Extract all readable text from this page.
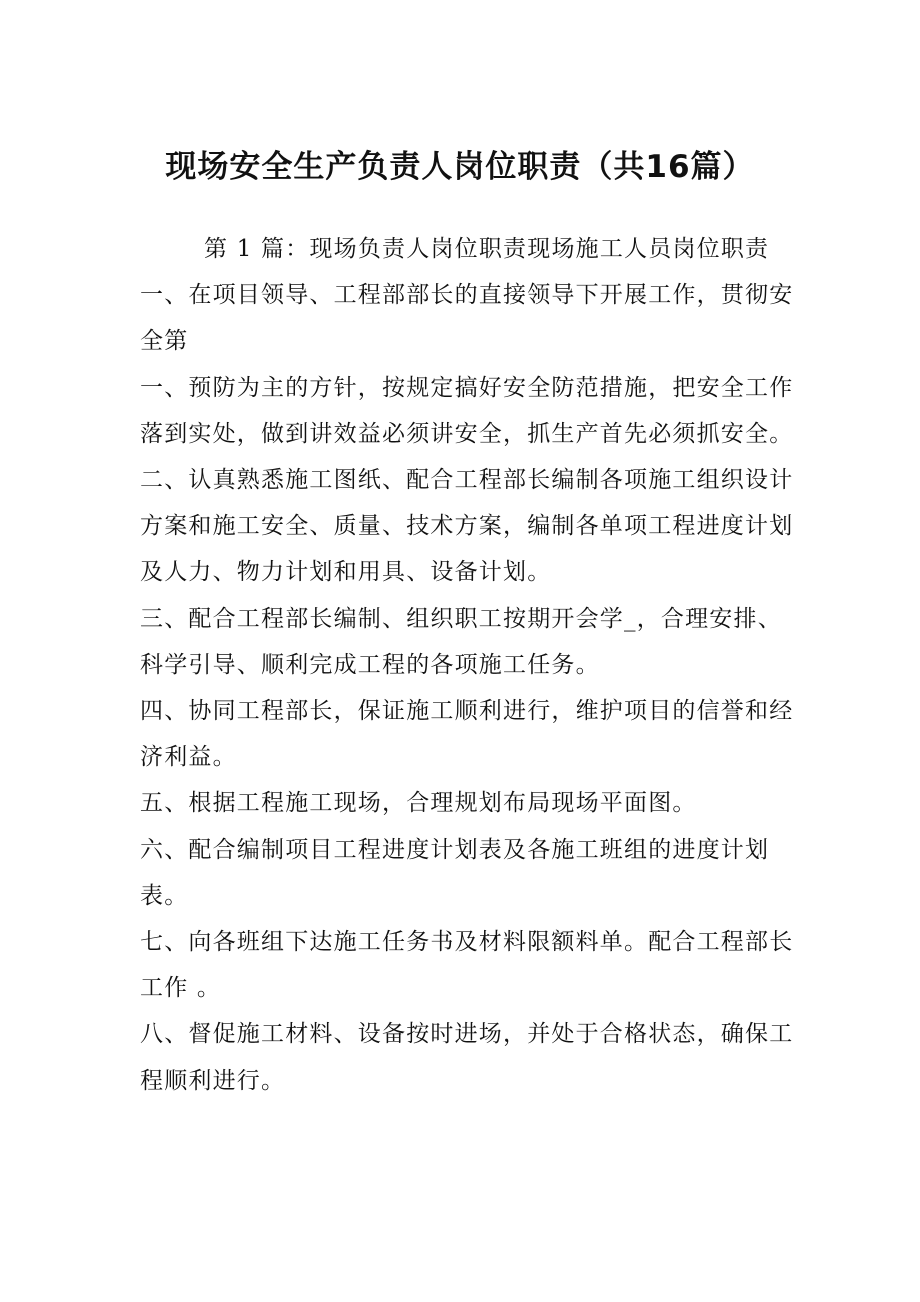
现场安全生产负责人岗位职责（共16篇）

第 1 篇：现场负责人岗位职责现场施工人员岗位职责

一、在项目领导、工程部部长的直接领导下开展工作，贯彻安全第

一、预防为主的方针，按规定搞好安全防范措施，把安全工作落到实处，做到讲效益必须讲安全，抓生产首先必须抓安全。

二、认真熟悉施工图纸、配合工程部长编制各项施工组织设计方案和施工安全、质量、技术方案，编制各单项工程进度计划及人力、物力计划和用具、设备计划。

三、配合工程部长编制、组织职工按期开会学_，合理安排、科学引导、顺利完成工程的各项施工任务。

四、协同工程部长，保证施工顺利进行，维护项目的信誉和经济利益。

五、根据工程施工现场，合理规划布局现场平面图。

六、配合编制项目工程进度计划表及各施工班组的进度计划表。

七、向各班组下达施工任务书及材料限额料单。配合工程部长工作 。

八、督促施工材料、设备按时进场，并处于合格状态，确保工程顺利进行。
